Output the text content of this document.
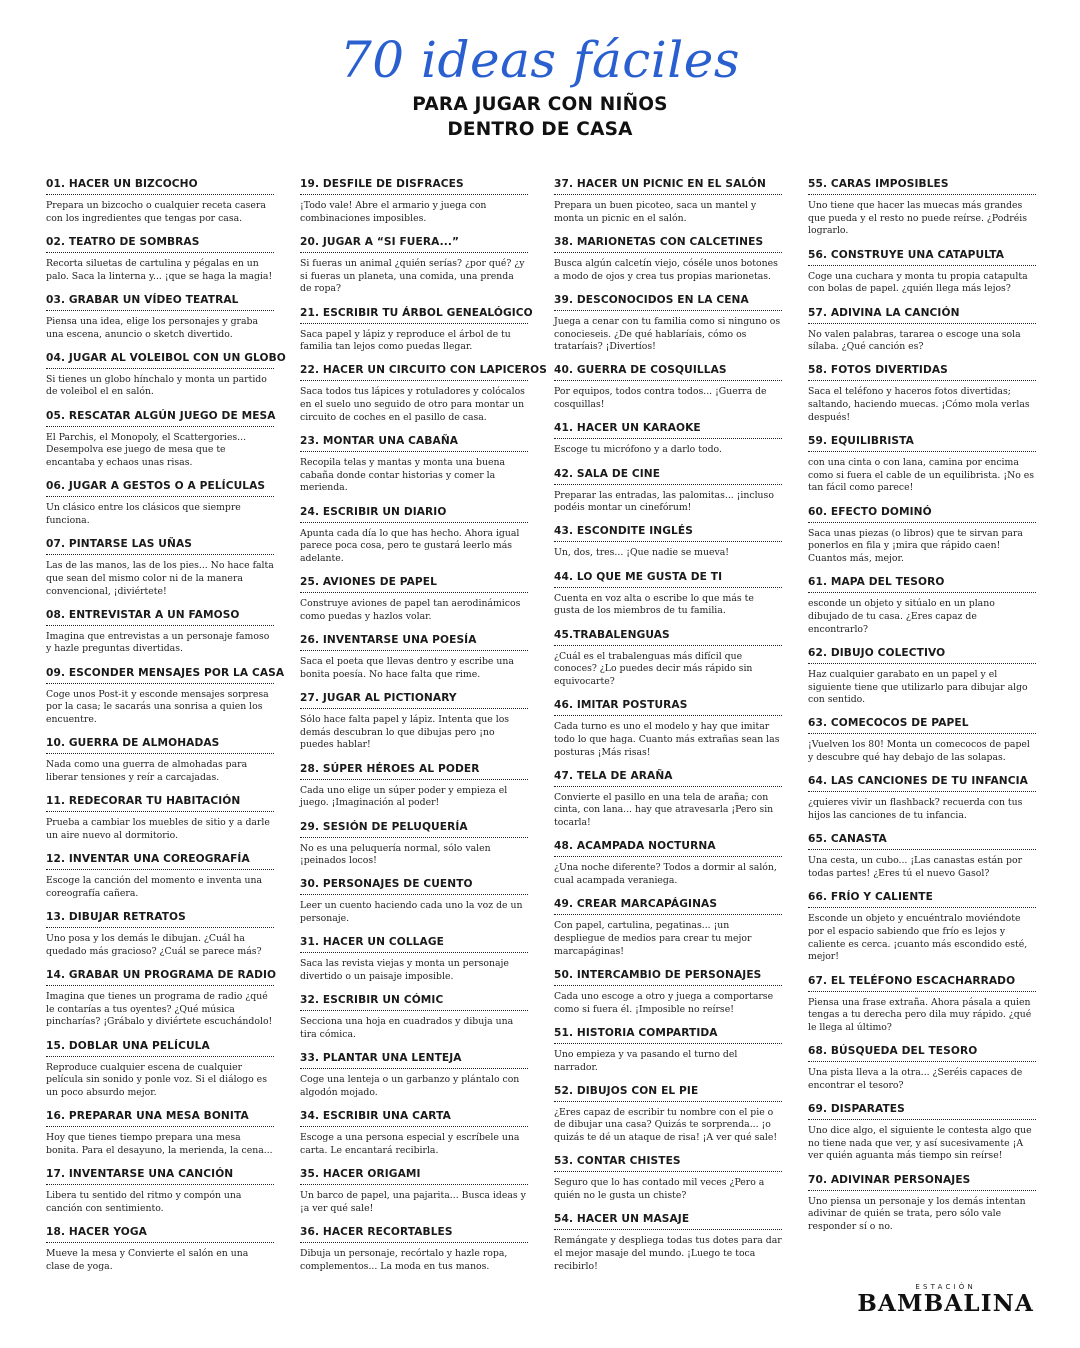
70 ideas fáciles
PARA JUGAR CON NIÑOS
DENTRO DE CASA
01. HACER UN BIZCOCHO
Prepara un bizcocho o cualquier receta casera con los ingredientes que tengas por casa.
02. TEATRO DE SOMBRAS
Recorta siluetas de cartulina y pégalas en un palo. Saca la linterna y... ¡que se haga la magia!
03. GRABAR UN VÍDEO TEATRAL
Piensa una idea, elige los personajes y graba una escena, anuncio o sketch divertido.
04. JUGAR AL VOLEIBOL CON UN GLOBO
Si tienes un globo hínchalo y monta un partido de voleibol el en salón.
05. RESCATAR ALGÚN JUEGO DE MESA
El Parchis, el Monopoly, el Scattergories... Desempolva ese juego de mesa que te encantaba y echaos unas risas.
06. JUGAR A GESTOS O A PELÍCULAS
Un clásico entre los clásicos que siempre funciona.
07. PINTARSE LAS UÑAS
Las de las manos, las de los pies... No hace falta que sean del mismo color ni de la manera convencional, ¡diviértete!
08. ENTREVISTAR A UN FAMOSO
Imagina que entrevistas a un personaje famoso y hazle preguntas divertidas.
09. ESCONDER MENSAJES POR LA CASA
Coge unos Post-it y esconde mensajes sorpresa por la casa; le sacarás una sonrisa a quien los encuentre.
10. GUERRA DE ALMOHADAS
Nada como una guerra de almohadas para liberar tensiones y reír a carcajadas.
11. REDECORAR TU HABITACIÓN
Prueba a cambiar los muebles de sitio y a darle un aire nuevo al dormitorio.
12. INVENTAR UNA COREOGRAFÍA
Escoge la canción del momento e inventa una coreografía cañera.
13. DIBUJAR RETRATOS
Uno posa y los demás le dibujan. ¿Cuál ha quedado más gracioso? ¿Cuál se parece más?
14. GRABAR UN PROGRAMA DE RADIO
Imagina que tienes un programa de radio ¿qué le contarías a tus oyentes? ¿Qué música pincharías? ¡Grábalo y diviértete escuchándolo!
15. DOBLAR UNA PELÍCULA
Reproduce cualquier escena de cualquier película sin sonido y ponle voz. Si el diálogo es un poco absurdo mejor.
16. PREPARAR UNA MESA BONITA
Hoy que tienes tiempo prepara una mesa bonita. Para el desayuno, la merienda, la cena...
17. INVENTARSE UNA CANCIÓN
Libera tu sentido del ritmo y compón una canción con sentimiento.
18. HACER YOGA
Mueve la mesa y Convierte el salón en una clase de yoga.
19. DESFILE DE DISFRACES
¡Todo vale! Abre el armario y juega con combinaciones imposibles.
20. JUGAR A “SI FUERA...”
Si fueras un animal ¿quién serías? ¿por qué? ¿y si fueras un planeta, una comida, una prenda de ropa?
21. ESCRIBIR TU ÁRBOL GENEALÓGICO
Saca papel y lápiz y reproduce el árbol de tu familia tan lejos como puedas llegar.
22. HACER UN CIRCUITO CON LAPICEROS
Saca todos tus lápices y rotuladores y colócalos en el suelo uno seguido de otro para montar un circuito de coches en el pasillo de casa.
23. MONTAR UNA CABAÑA
Recopila telas y mantas y monta una buena cabaña donde contar historias y comer la merienda.
24. ESCRIBIR UN DIARIO
Apunta cada día lo que has hecho. Ahora igual parece poca cosa, pero te gustará leerlo más adelante.
25. AVIONES DE PAPEL
Construye aviones de papel tan aerodinámicos como puedas y hazlos volar.
26. INVENTARSE UNA POESÍA
Saca el poeta que llevas dentro y escribe una bonita poesía. No hace falta que rime.
27. JUGAR AL PICTIONARY
Sólo hace falta papel y lápiz. Intenta que los demás descubran lo que dibujas pero ¡no puedes hablar!
28. SÚPER HÉROES AL PODER
Cada uno elige un súper poder y empieza el juego. ¡Imaginación al poder!
29. SESIÓN DE PELUQUERÍA
No es una peluquería normal, sólo valen ¡peinados locos!
30. PERSONAJES DE CUENTO
Leer un cuento haciendo cada uno la voz de un personaje.
31. HACER UN COLLAGE
Saca las revista viejas y monta un personaje divertido o un paisaje imposible.
32. ESCRIBIR UN CÓMIC
Secciona una hoja en cuadrados y dibuja una tira cómica.
33. PLANTAR UNA LENTEJA
Coge una lenteja o un garbanzo y plántalo con algodón mojado.
34. ESCRIBIR UNA CARTA
Escoge a una persona especial y escríbele una carta. Le encantará recibirla.
35. HACER ORIGAMI
Un barco de papel, una pajarita... Busca ideas y ¡a ver qué sale!
36. HACER RECORTABLES
Dibuja un personaje, recórtalo y hazle ropa, complementos... La moda en tus manos.
37. HACER UN PICNIC EN EL SALÓN
Prepara un buen picoteo, saca un mantel y monta un picnic en el salón.
38. MARIONETAS CON CALCETINES
Busca algún calcetín viejo, cóséle unos botones a modo de ojos y crea tus propias marionetas.
39. DESCONOCIDOS EN LA CENA
Juega a cenar con tu familia como si ninguno os conocieseis. ¿De qué hablaríais, cómo os trataríais? ¡Divertíos!
40. GUERRA DE COSQUILLAS
Por equipos, todos contra todos... ¡Guerra de cosquillas!
41. HACER UN KARAOKE
Escoge tu micrófono y a darlo todo.
42. SALA DE CINE
Preparar las entradas, las palomitas... ¡incluso podéis montar un cinefórum!
43. ESCONDITE INGLÉS
Un, dos, tres... ¡Que nadie se mueva!
44. LO QUE ME GUSTA DE TI
Cuenta en voz alta o escribe lo que más te gusta de los miembros de tu familia.
45.TRABALENGUAS
¿Cuál es el trabalenguas más difícil que conoces? ¿Lo puedes decir más rápido sin equivocarte?
46. IMITAR POSTURAS
Cada turno es uno el modelo y hay que imitar todo lo que haga. Cuanto más extrañas sean las posturas ¡Más risas!
47. TELA DE ARAÑA
Convierte el pasillo en una tela de araña; con cinta, con lana... hay que atravesarla ¡Pero sin tocarla!
48. ACAMPADA NOCTURNA
¿Una noche diferente? Todos a dormir al salón, cual acampada veraniega.
49. CREAR MARCAPÁGINAS
Con papel, cartulina, pegatinas... ¡un despliegue de medios para crear tu mejor marcapáginas!
50. INTERCAMBIO DE PERSONAJES
Cada uno escoge a otro y juega a comportarse como si fuera él. ¡Imposible no reírse!
51. HISTORIA COMPARTIDA
Uno empieza y va pasando el turno del narrador.
52. DIBUJOS CON EL PIE
¿Eres capaz de escribir tu nombre con el pie o de dibujar una casa? Quizás te sorprenda... ¡o quizás te dé un ataque de risa! ¡A ver qué sale!
53. CONTAR CHISTES
Seguro que lo has contado mil veces ¿Pero a quién no le gusta un chiste?
54. HACER UN MASAJE
Remángate y despliega todas tus dotes para dar el mejor masaje del mundo. ¡Luego te toca recibirlo!
55. CARAS IMPOSIBLES
Uno tiene que hacer las muecas más grandes que pueda y el resto no puede reírse. ¿Podréis lograrlo.
56. CONSTRUYE UNA CATAPULTA
Coge una cuchara y monta tu propia catapulta con bolas de papel. ¿quién llega más lejos?
57. ADIVINA LA CANCIÓN
No valen palabras, tararea o escoge una sola sílaba. ¿Qué canción es?
58. FOTOS DIVERTIDAS
Saca el teléfono y haceros fotos divertidas; saltando, haciendo muecas. ¡Cómo mola verlas después!
59. EQUILIBRISTA
con una cinta o con lana, camina por encima como si fuera el cable de un equilibrista. ¡No es tan fácil como parece!
60. EFECTO DOMINÓ
Saca unas piezas (o libros) que te sirvan para ponerlos en fila y ¡mira que rápido caen! Cuantos más, mejor.
61. MAPA DEL TESORO
esconde un objeto y sitúalo en un plano dibujado de tu casa. ¿Eres capaz de encontrarlo?
62. DIBUJO COLECTIVO
Haz cualquier garabato en un papel y el siguiente tiene que utilizarlo para dibujar algo con sentido.
63. COMECOCOS DE PAPEL
¡Vuelven los 80! Monta un comecocos de papel y descubre qué hay debajo de las solapas.
64. LAS CANCIONES DE TU INFANCIA
¿quieres vivir un flashback? recuerda con tus hijos las canciones de tu infancia.
65. CANASTA
Una cesta, un cubo... ¡Las canastas están por todas partes! ¿Eres tú el nuevo Gasol?
66. FRÍO Y CALIENTE
Esconde un objeto y encuéntralo moviéndote por el espacio sabiendo que frío es lejos y caliente es cerca. ¡cuanto más escondido esté, mejor!
67. EL TELÉFONO ESCACHARRADO
Piensa una frase extraña. Ahora pásala a quien tengas a tu derecha pero dila muy rápido. ¿qué le llega al último?
68. BÚSQUEDA DEL TESORO
Una pista lleva a la otra... ¿Seréis capaces de encontrar el tesoro?
69. DISPARATES
Uno dice algo, el siguiente le contesta algo que no tiene nada que ver, y así sucesivamente ¡A ver quién aguanta más tiempo sin reírse!
70. ADIVINAR PERSONAJES
Uno piensa un personaje y los demás intentan adivinar de quién se trata, pero sólo vale responder sí o no.
ESTACIÓN
BAMBALINA
